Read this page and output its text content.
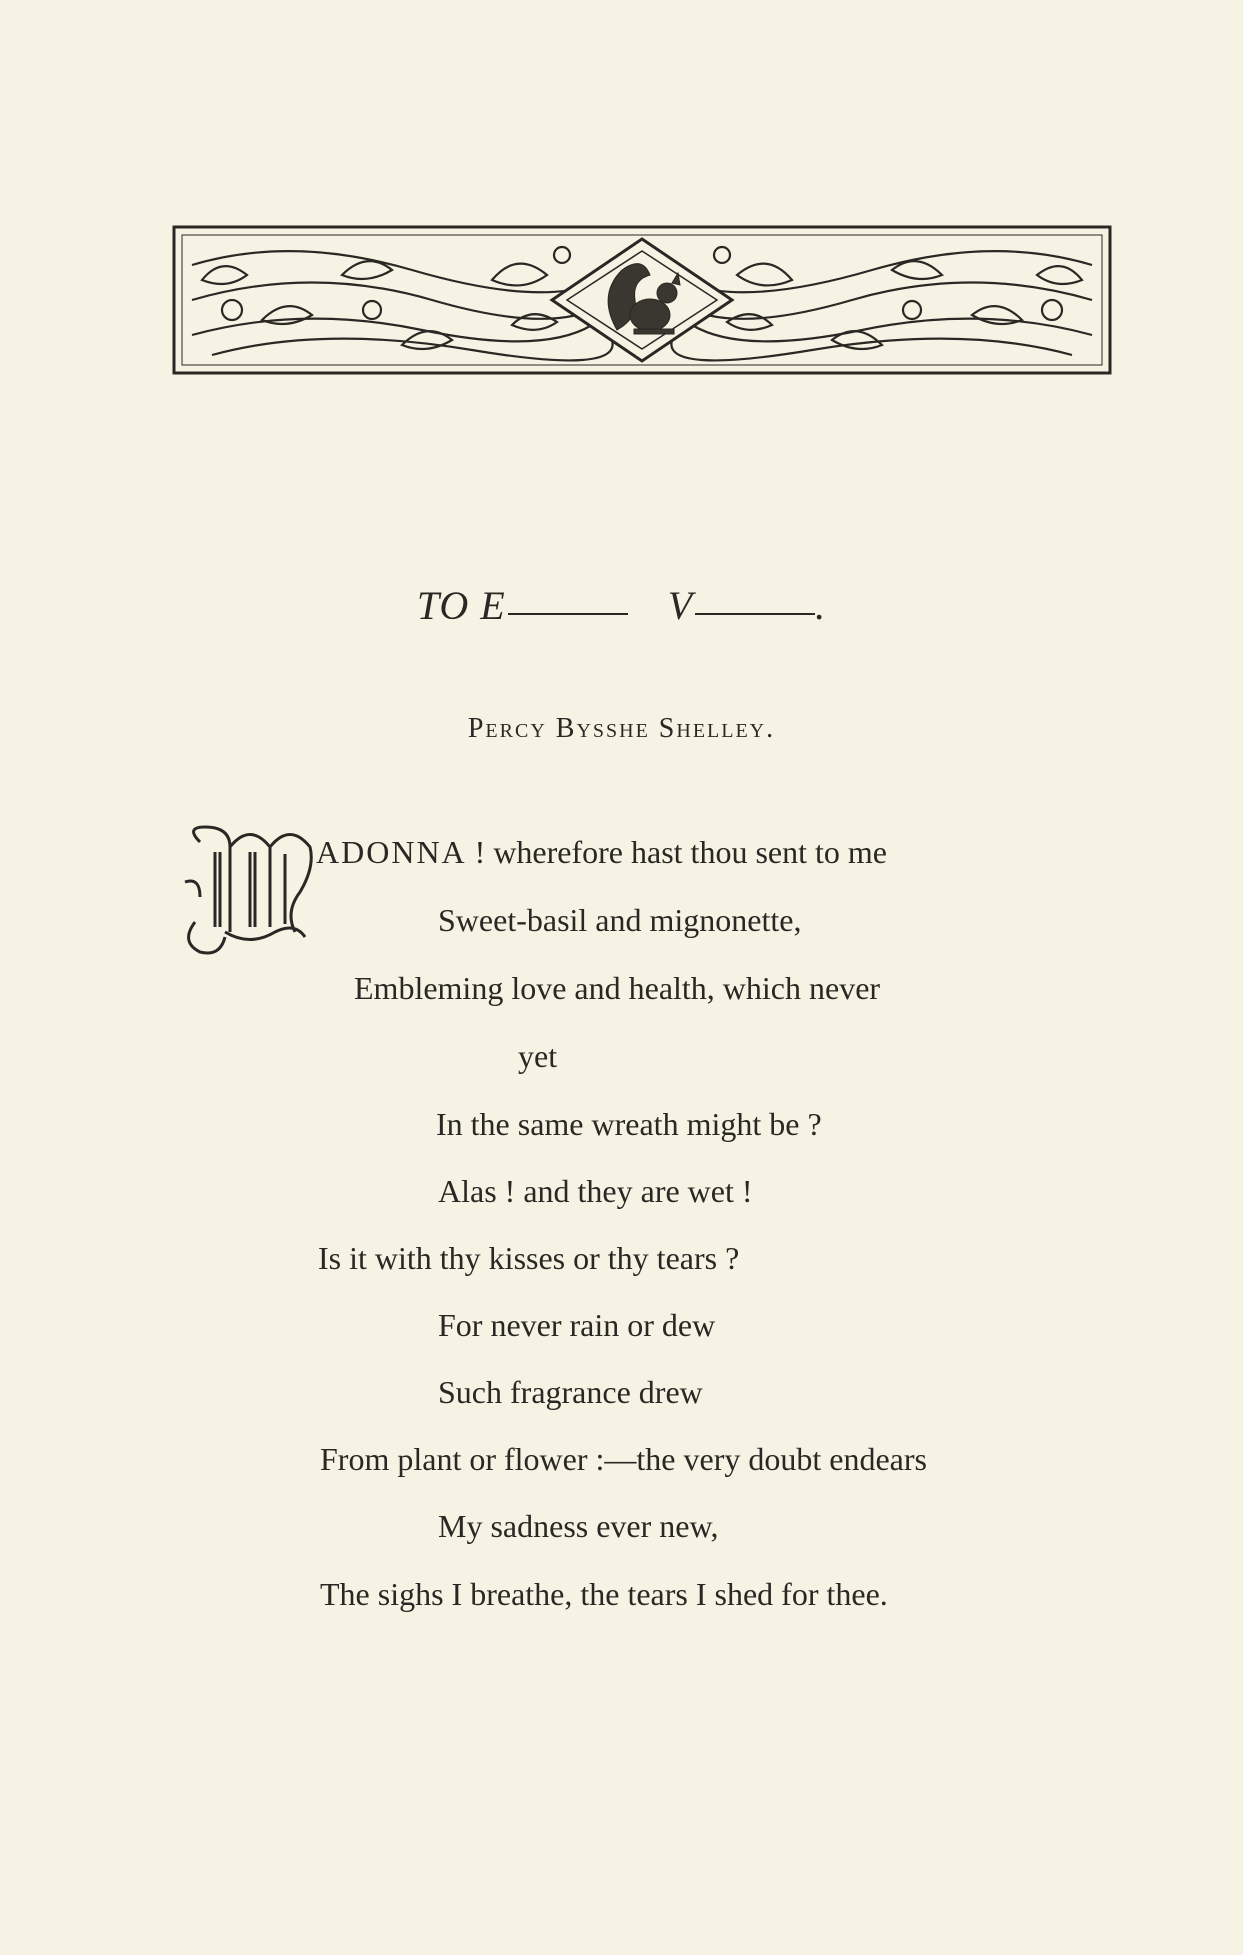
TO E	V	.
Percy Bysshe Shelley.
ADONNA ! wherefore hast thou sent to me
Sweet-basil and mignonette,
Embleming love and health, which never
yet
In the same wreath might be ?
Alas ! and they are wet !
Is it with thy kisses or thy tears ?
For never rain or dew
Such fragrance drew
From plant or flower :—the very doubt endears
My sadness ever new,
The sighs I breathe, the tears I shed for thee.
